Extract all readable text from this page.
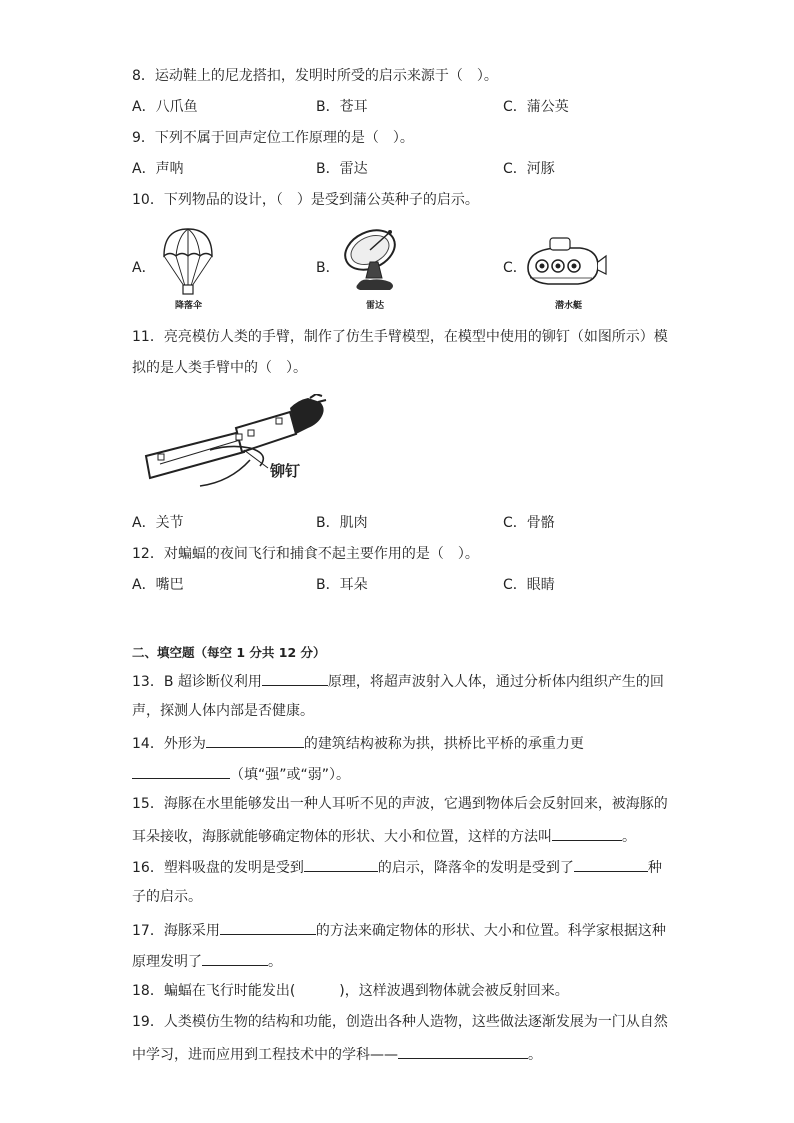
8．运动鞋上的尼龙搭扣，发明时所受的启示来源于（　）。
A．八爪鱼	B．苍耳	C．蒲公英
9．下列不属于回声定位工作原理的是（　）。
A．声呐	B．雷达	C．河豚
10．下列物品的设计，（　）是受到蒲公英种子的启示。
A．	B．	C．
降落伞	雷达	潜水艇
11．亮亮模仿人类的手臂，制作了仿生手臂模型，在模型中使用的铆钉（如图所示）模
拟的是人类手臂中的（　）。
铆钉
A．关节	B．肌肉	C．骨骼
12．对蝙蝠的夜间飞行和捕食不起主要作用的是（　）。
A．嘴巴	B．耳朵	C．眼睛
二、填空题（每空 1 分共 12 分）
13．B 超诊断仪利用	原理，将超声波射入人体，通过分析体内组织产生的回
声，探测人体内部是否健康。
14．外形为	的建筑结构被称为拱，拱桥比平桥的承重力更
（填“强”或“弱”）。
15．海豚在水里能够发出一种人耳听不见的声波，它遇到物体后会反射回来，被海豚的
耳朵接收，海豚就能够确定物体的形状、大小和位置，这样的方法叫	。
16．塑料吸盘的发明是受到	的启示，降落伞的发明是受到了	种
子的启示。
17．海豚采用	的方法来确定物体的形状、大小和位置。科学家根据这种
原理发明了	。
18．蝙蝠在飞行时能发出(	)，这样波遇到物体就会被反射回来。
19．人类模仿生物的结构和功能，创造出各种人造物，这些做法逐渐发展为一门从自然
中学习，进而应用到工程技术中的学科——	。
